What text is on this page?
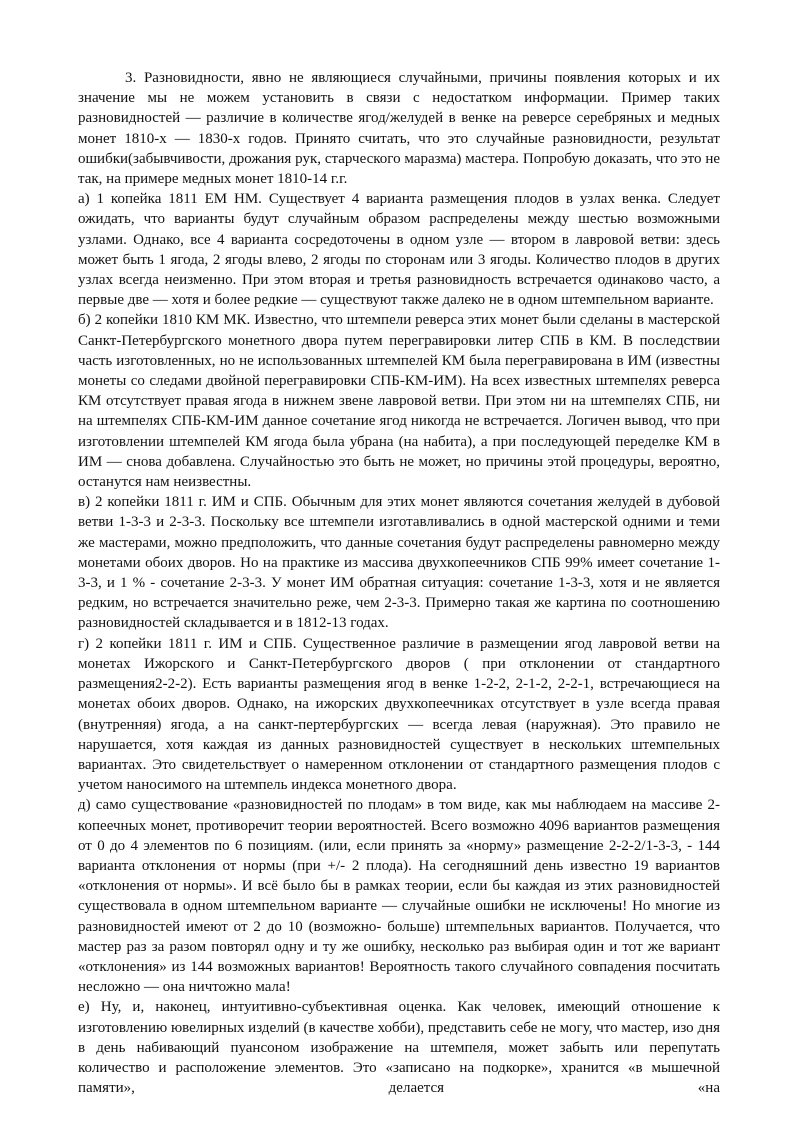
3. Разновидности, явно не являющиеся случайными, причины появления которых и их значение мы не можем установить в связи с недостатком информации. Пример таких разновидностей — различие в количестве ягод/желудей в венке на реверсе серебряных и медных монет 1810-х — 1830-х годов. Принято считать, что это случайные разновидности, результат ошибки(забывчивости, дрожания рук, старческого маразма) мастера. Попробую доказать, что это не так, на примере медных монет 1810-14 г.г.

а) 1 копейка 1811 ЕМ НМ. Существует 4 варианта размещения плодов в узлах венка. Следует ожидать, что варианты будут случайным образом распределены между шестью возможными узлами. Однако, все 4 варианта сосредоточены в одном узле — втором в лавровой ветви: здесь может быть 1 ягода, 2 ягоды влево, 2 ягоды по сторонам или 3 ягоды. Количество плодов в других узлах всегда неизменно. При этом вторая и третья разновидность встречается одинаково часто, а первые две — хотя и более редкие — существуют также далеко не в одном штемпельном варианте.

б) 2 копейки 1810 КМ МК. Известно, что штемпели реверса этих монет были сделаны в мастерской Санкт-Петербургского монетного двора путем перегравировки литер СПБ в КМ. В последствии часть изготовленных, но не использованных штемпелей КМ была перегравирована в ИМ (известны монеты со следами двойной перегравировки СПБ-КМ-ИМ). На всех известных штемпелях реверса КМ отсутствует правая ягода в нижнем звене лавровой ветви. При этом ни на штемпелях СПБ, ни на штемпелях СПБ-КМ-ИМ данное сочетание ягод никогда не встречается. Логичен вывод, что при изготовлении штемпелей КМ ягода была убрана (на набита), а при последующей переделке КМ в ИМ — снова добавлена. Случайностью это быть не может, но причины этой процедуры, вероятно, останутся нам неизвестны.

в) 2 копейки 1811 г. ИМ и СПБ. Обычным для этих монет являются сочетания желудей в дубовой ветви 1-3-3 и 2-3-3. Поскольку все штемпели изготавливались в одной мастерской одними и теми же мастерами, можно предположить, что данные сочетания будут распределены равномерно между монетами обоих дворов. Но на практике из массива двухкопеечников СПБ 99% имеет сочетание 1-3-3, и 1 % - сочетание 2-3-3. У монет ИМ обратная ситуация: сочетание 1-3-3, хотя и не является редким, но встречается значительно реже, чем 2-3-3. Примерно такая же картина по соотношению разновидностей складывается и в 1812-13 годах.

г) 2 копейки 1811 г. ИМ и СПБ. Существенное различие в размещении ягод лавровой ветви на монетах Ижорского и Санкт-Петербургского дворов ( при отклонении от стандартного размещения2-2-2). Есть варианты размещения ягод в венке 1-2-2, 2-1-2, 2-2-1, встречающиеся на монетах обоих дворов. Однако, на ижорских двухкопеечниках отсутствует в узле всегда правая (внутренняя) ягода, а на санкт-пертербургских — всегда левая (наружная). Это правило не нарушается, хотя каждая из данных разновидностей существует в нескольких штемпельных вариантах. Это свидетельствует о намеренном отклонении от стандартного размещения плодов с учетом наносимого на штемпель индекса монетного двора.

д) само существование «разновидностей по плодам» в том виде, как мы наблюдаем на массиве 2-копеечных монет, противоречит теории вероятностей. Всего возможно 4096 вариантов размещения от 0 до 4 элементов по 6 позициям. (или, если принять за «норму» размещение 2-2-2/1-3-3, - 144 варианта отклонения от нормы (при +/- 2 плода). На сегодняшний день известно 19 вариантов «отклонения от нормы». И всё было бы в рамках теории, если бы каждая из этих разновидностей существовала в одном штемпельном варианте — случайные ошибки не исключены! Но многие из разновидностей имеют от 2 до 10 (возможно- больше) штемпельных вариантов. Получается, что мастер раз за разом повторял одну и ту же ошибку, несколько раз выбирая один и тот же вариант «отклонения» из 144 возможных вариантов! Вероятность такого случайного совпадения посчитать несложно — она ничтожно мала!

е) Ну, и, наконец, интуитивно-субъективная оценка. Как человек, имеющий отношение к изготовлению ювелирных изделий (в качестве хобби), представить себе не могу, что мастер, изо дня в день набивающий пуансоном изображение на штемпеля, может забыть или перепутать количество и расположение элементов. Это «записано на подкорке», хранится «в мышечной памяти», делается «на
